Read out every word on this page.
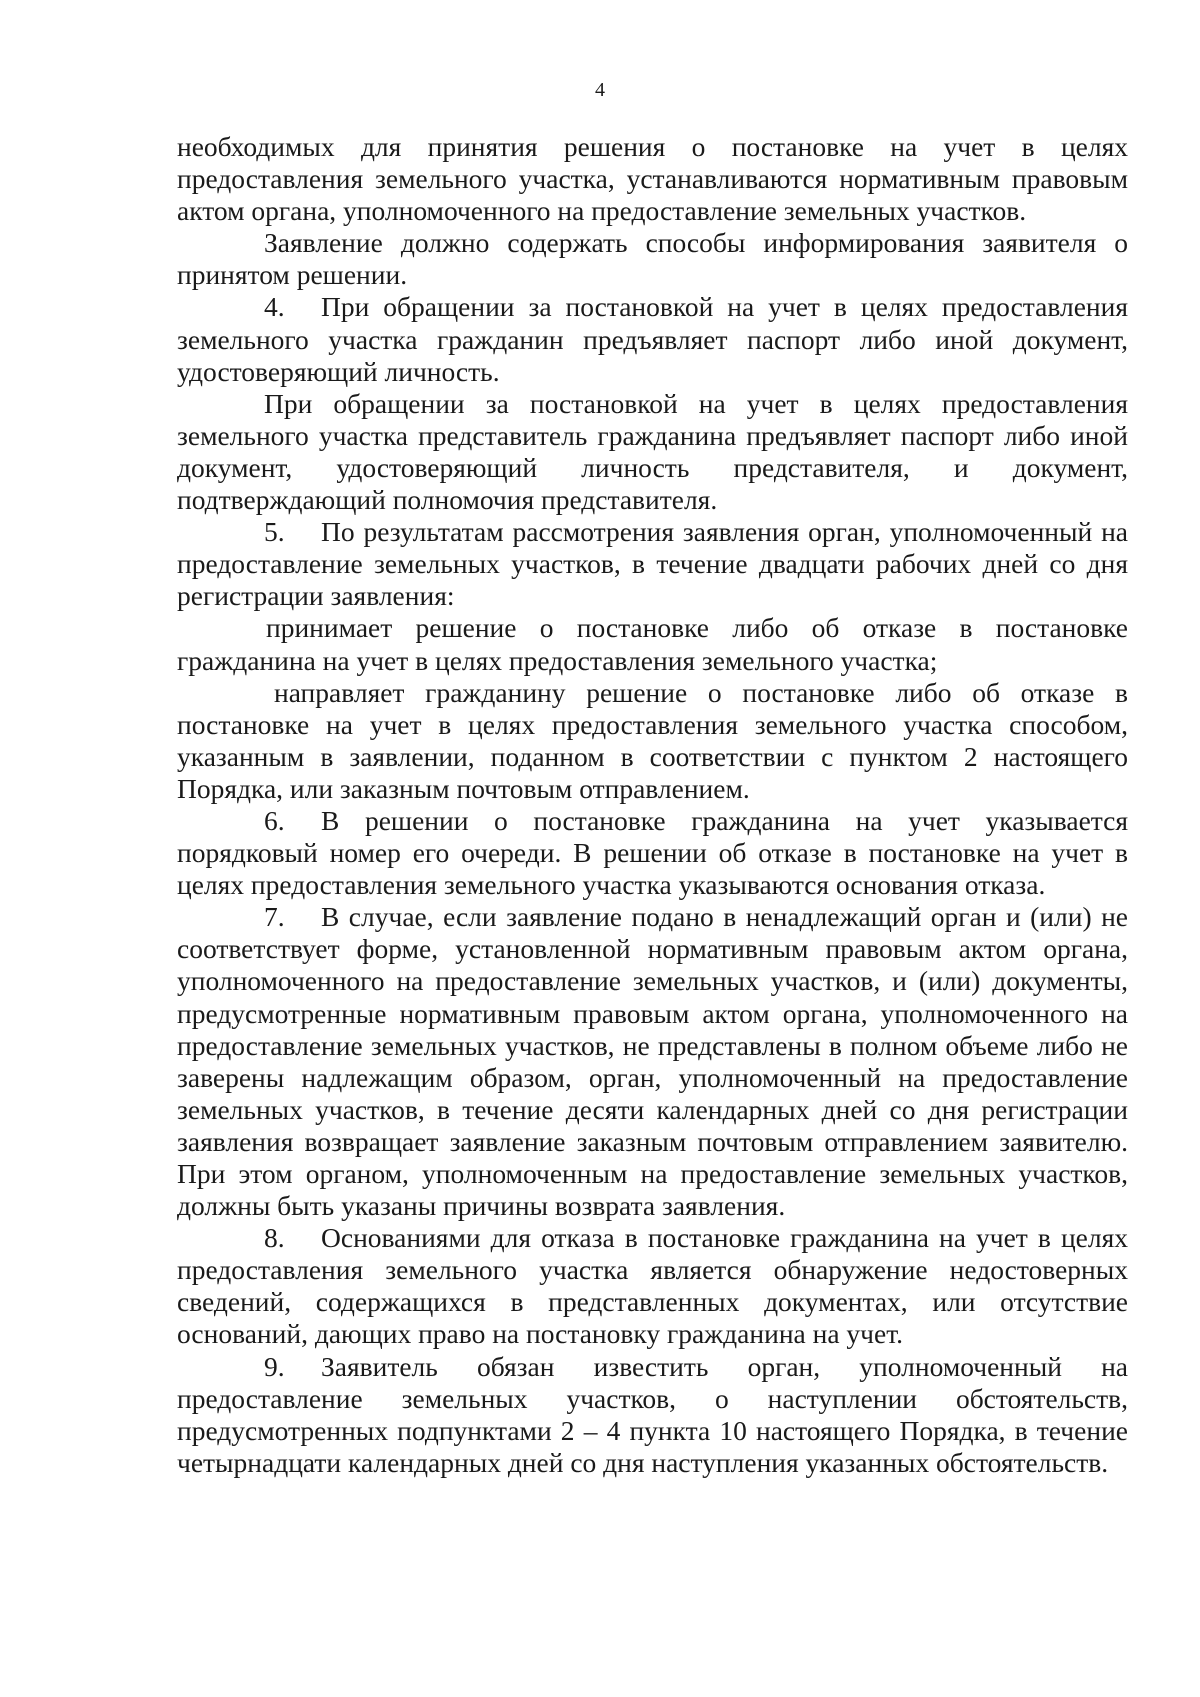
4

необходимых для принятия решения о постановке на учет в целях предоставления земельного участка, устанавливаются нормативным правовым актом органа, уполномоченного на предоставление земельных участков.

Заявление должно содержать способы информирования заявителя о принятом решении.

4. При обращении за постановкой на учет в целях предоставления земельного участка гражданин предъявляет паспорт либо иной документ, удостоверяющий личность.

При обращении за постановкой на учет в целях предоставления земельного участка представитель гражданина предъявляет паспорт либо иной документ, удостоверяющий личность представителя, и документ, подтверждающий полномочия представителя.

5. По результатам рассмотрения заявления орган, уполномоченный на предоставление земельных участков, в течение двадцати рабочих дней со дня регистрации заявления:

принимает решение о постановке либо об отказе в постановке гражданина на учет в целях предоставления земельного участка;

направляет гражданину решение о постановке либо об отказе в постановке на учет в целях предоставления земельного участка способом, указанным в заявлении, поданном в соответствии с пунктом 2 настоящего Порядка, или заказным почтовым отправлением.

6. В решении о постановке гражданина на учет указывается порядковый номер его очереди. В решении об отказе в постановке на учет в целях предоставления земельного участка указываются основания отказа.

7. В случае, если заявление подано в ненадлежащий орган и (или) не соответствует форме, установленной нормативным правовым актом органа, уполномоченного на предоставление земельных участков, и (или) документы, предусмотренные нормативным правовым актом органа, уполномоченного на предоставление земельных участков, не представлены в полном объеме либо не заверены надлежащим образом, орган, уполномоченный на предоставление земельных участков, в течение десяти календарных дней со дня регистрации заявления возвращает заявление заказным почтовым отправлением заявителю. При этом органом, уполномоченным на предоставление земельных участков, должны быть указаны причины возврата заявления.

8. Основаниями для отказа в постановке гражданина на учет в целях предоставления земельного участка является обнаружение недостоверных сведений, содержащихся в представленных документах, или отсутствие оснований, дающих право на постановку гражданина на учет.

9. Заявитель обязан известить орган, уполномоченный на предоставление земельных участков, о наступлении обстоятельств, предусмотренных подпунктами 2 – 4 пункта 10 настоящего Порядка, в течение четырнадцати календарных дней со дня наступления указанных обстоятельств.
